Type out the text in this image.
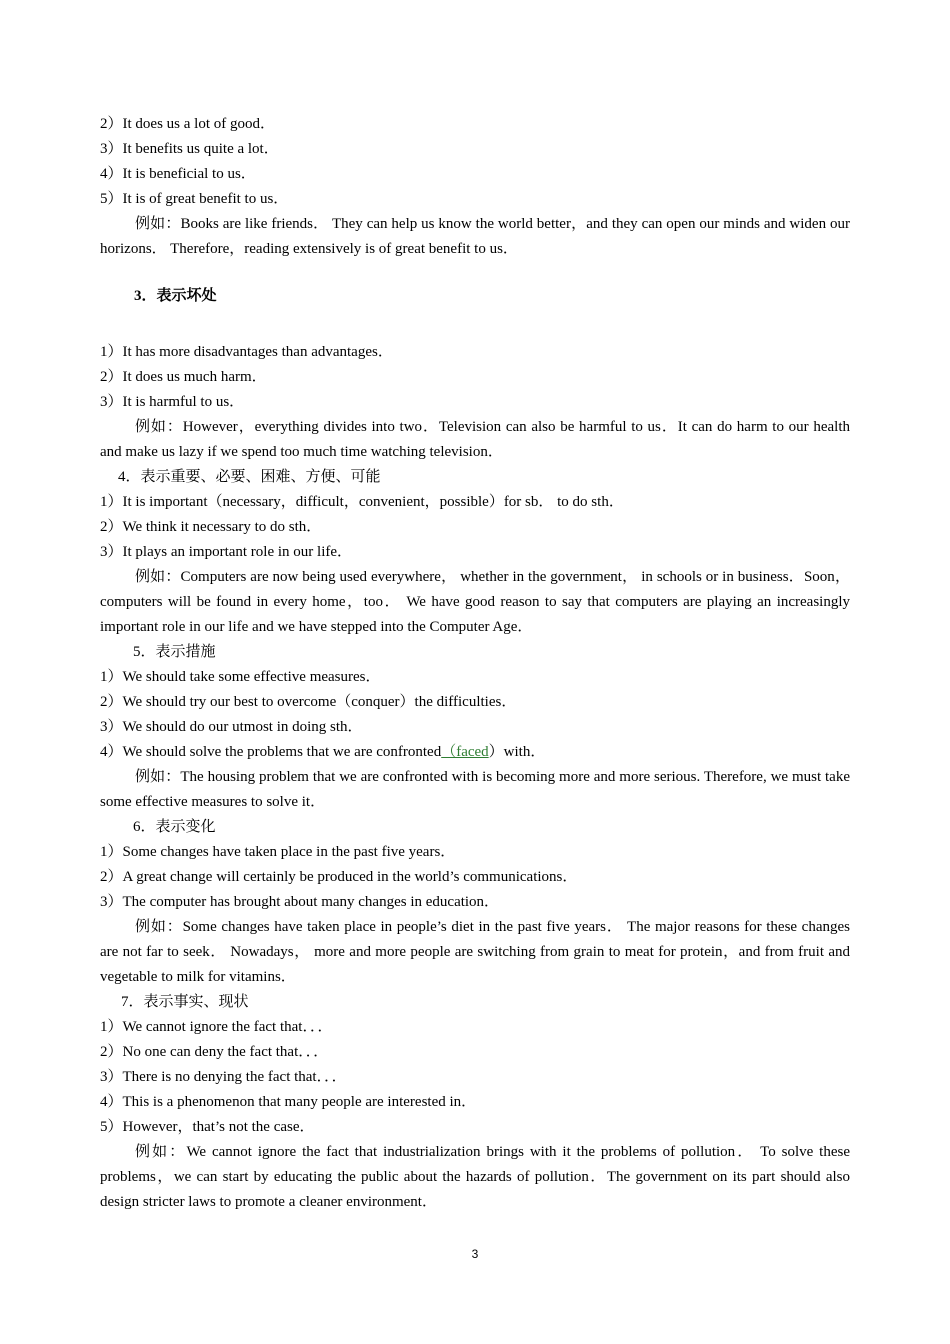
2）It does us a lot of good．
3）It benefits us quite a lot．
4）It is beneficial to us．
5）It is of great benefit to us．
例如：Books are like friends． They can help us know the world better，and they can open our minds and widen our horizons． Therefore，reading extensively is of great benefit to us．
3．表示坏处
1）It has more disadvantages than advantages．
2）It does us much harm．
3）It is harmful to us．
例如：However，everything divides into two．Television can also be harmful to us．It can do harm to our health and make us lazy if we spend too much time watching television．
4．表示重要、必要、困难、方便、可能
1）It is important（necessary，difficult，convenient，possible）for sb． to do sth．
2）We think it necessary to do sth．
3）It plays an important role in our life．
例如：Computers are now being used everywhere， whether in the government， in schools or in business．Soon，computers will be found in every home，too． We have good reason to say that computers are playing an increasingly important role in our life and we have stepped into the Computer Age．
5．表示措施
1）We should take some effective measures．
2）We should try our best to overcome（conquer）the difficulties．
3）We should do our utmost in doing sth．
4）We should solve the problems that we are confronted（faced）with．
例如：The housing problem that we are confronted with is becoming more and more serious. Therefore, we must take some effective measures to solve it．
6．表示变化
1）Some changes have taken place in the past five years．
2）A great change will certainly be produced in the world’s communications．
3）The computer has brought about many changes in education．
例如：Some changes have taken place in people’s diet in the past five years． The major reasons for these changes are not far to seek． Nowadays， more and more people are switching from grain to meat for protein，and from fruit and vegetable to milk for vitamins．
7．表示事实、现状
1）We cannot ignore the fact that．．．
2）No one can deny the fact that．．．
3）There is no denying the fact that．．．
4）This is a phenomenon that many people are interested in．
5）However，that’s not the case．
例如：We cannot ignore the fact that industrialization brings with it the problems of pollution． To solve these problems，we can start by educating the public about the hazards of pollution．The government on its part should also design stricter laws to promote a cleaner environment．
3
